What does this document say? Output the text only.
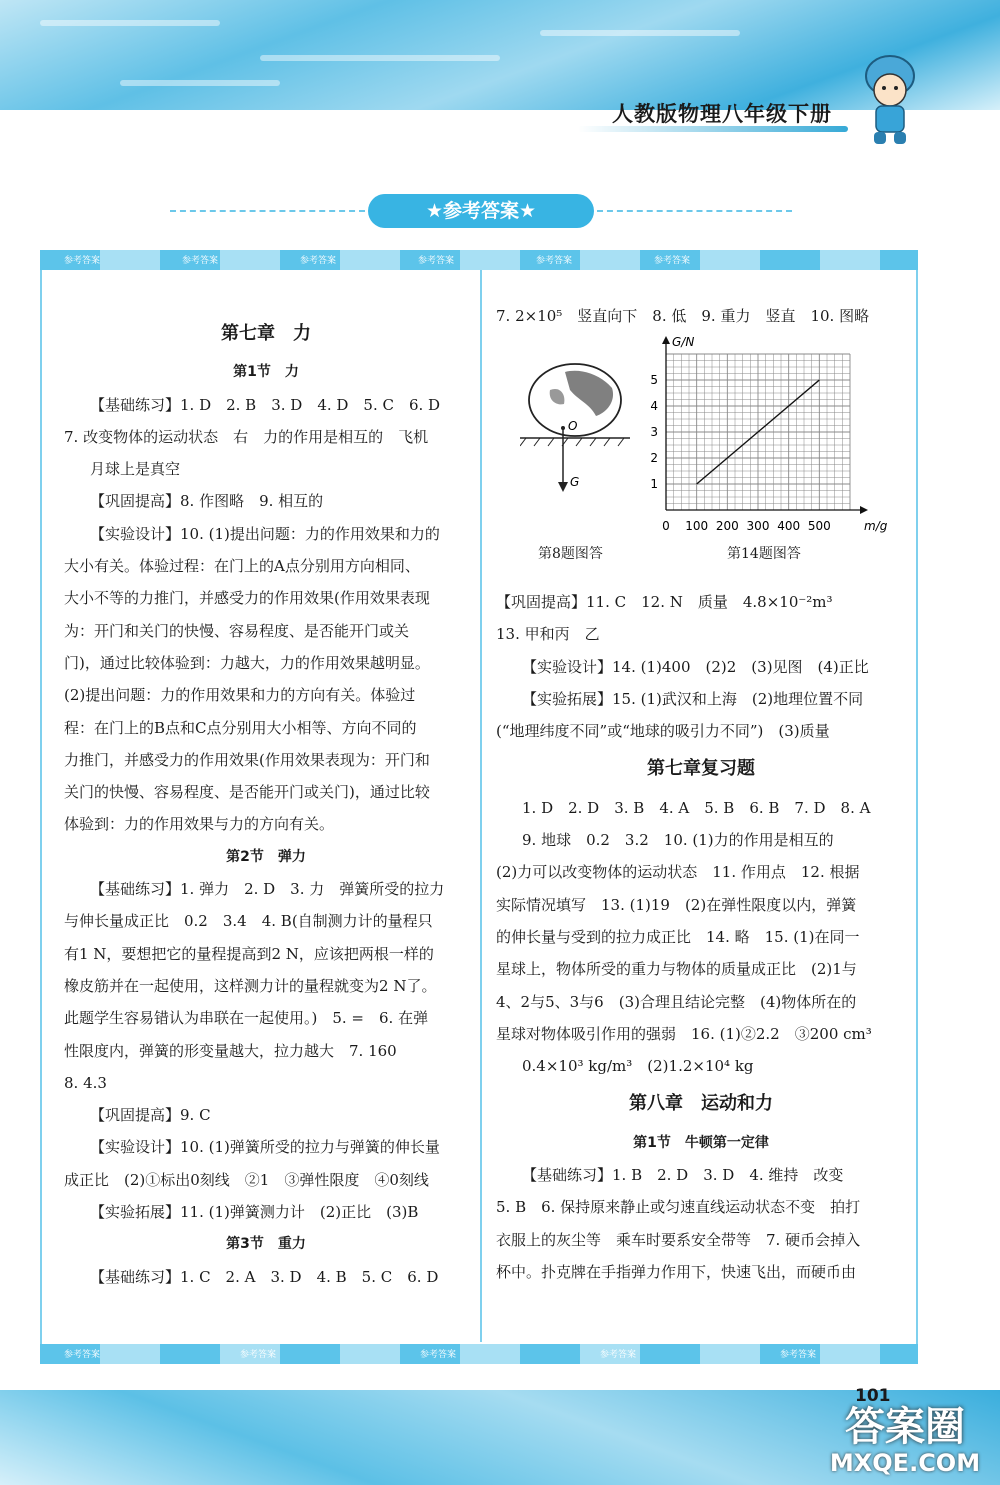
人教版物理八年级下册
★参考答案★
参考答案	参考答案	参考答案	参考答案	参考答案	参考答案
参考答案	参考答案	参考答案	参考答案	参考答案

第七章　力

第1节　力

【基础练习】1. D　2. B　3. D　4. D　5. C　6. D

7. 改变物体的运动状态　右　力的作用是相互的　飞机

月球上是真空

【巩固提高】8. 作图略　9. 相互的

【实验设计】10. (1)提出问题：力的作用效果和力的

大小有关。体验过程：在门上的A点分别用方向相同、

大小不等的力推门，并感受力的作用效果(作用效果表现

为：开门和关门的快慢、容易程度、是否能开门或关

门)，通过比较体验到：力越大，力的作用效果越明显。

(2)提出问题：力的作用效果和力的方向有关。体验过

程：在门上的B点和C点分别用大小相等、方向不同的

力推门，并感受力的作用效果(作用效果表现为：开门和

关门的快慢、容易程度、是否能开门或关门)，通过比较

体验到：力的作用效果与力的方向有关。

第2节　弹力

【基础练习】1. 弹力　2. D　3. 力　弹簧所受的拉力

与伸长量成正比　0.2　3.4　4. B(自制测力计的量程只

有1 N，要想把它的量程提高到2 N，应该把两根一样的

橡皮筋并在一起使用，这样测力计的量程就变为2 N了。

此题学生容易错认为串联在一起使用。)　5. =　6. 在弹

性限度内，弹簧的形变量越大，拉力越大　7. 160

8. 4.3

【巩固提高】9. C

【实验设计】10. (1)弹簧所受的拉力与弹簧的伸长量

成正比　(2)①标出0刻线　②1　③弹性限度　④0刻线

【实验拓展】11. (1)弹簧测力计　(2)正比　(3)B

第3节　重力

【基础练习】1. C　2. A　3. D　4. B　5. C　6. D

7. 2×10⁵　竖直向下　8. 低　9. 重力　竖直　10. 图略

O
G
第8题图答
0 100 200 300 400 500
1
2
3
4
5
m/g
G/N
第14题图答

【巩固提高】11. C　12. N　质量　4.8×10⁻²m³

13. 甲和丙　乙

【实验设计】14. (1)400　(2)2　(3)见图　(4)正比

【实验拓展】15. (1)武汉和上海　(2)地理位置不同

(“地理纬度不同”或“地球的吸引力不同”)　(3)质量

第七章复习题

1. D　2. D　3. B　4. A　5. B　6. B　7. D　8. A

9. 地球　0.2　3.2　10. (1)力的作用是相互的

(2)力可以改变物体的运动状态　11. 作用点　12. 根据

实际情况填写　13. (1)19　(2)在弹性限度以内，弹簧

的伸长量与受到的拉力成正比　14. 略　15. (1)在同一

星球上，物体所受的重力与物体的质量成正比　(2)1与

4、2与5、3与6　(3)合理且结论完整　(4)物体所在的

星球对物体吸引作用的强弱　16. (1)②2.2　③200 cm³

0.4×10³ kg/m³　(2)1.2×10⁴ kg

第八章　运动和力

第1节　牛顿第一定律

【基础练习】1. B　2. D　3. D　4. 维持　改变

5. B　6. 保持原来静止或匀速直线运动状态不变　拍打

衣服上的灰尘等　乘车时要系安全带等　7. 硬币会掉入

杯中。扑克牌在手指弹力作用下，快速飞出，而硬币由

101
答案圈
MXQE.COM
